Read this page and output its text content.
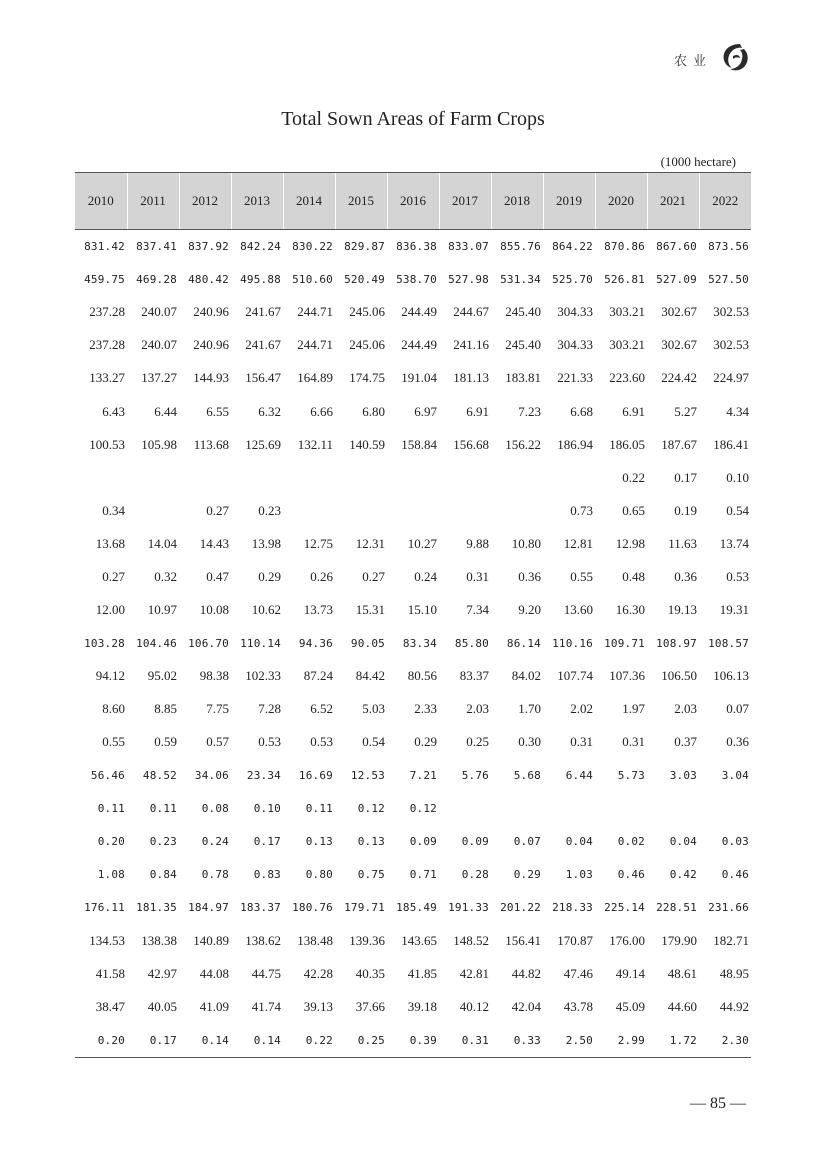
农业
Total Sown Areas of Farm Crops
(1000 hectare)
2010	2011	2012	2013	2014	2015	2016	2017	2018	2019	2020	2021	2022
831.42	837.41	837.92	842.24	830.22	829.87	836.38	833.07	855.76	864.22	870.86	867.60	873.56
459.75	469.28	480.42	495.88	510.60	520.49	538.70	527.98	531.34	525.70	526.81	527.09	527.50
237.28	240.07	240.96	241.67	244.71	245.06	244.49	244.67	245.40	304.33	303.21	302.67	302.53
237.28	240.07	240.96	241.67	244.71	245.06	244.49	241.16	245.40	304.33	303.21	302.67	302.53
133.27	137.27	144.93	156.47	164.89	174.75	191.04	181.13	183.81	221.33	223.60	224.42	224.97
6.43	6.44	6.55	6.32	6.66	6.80	6.97	6.91	7.23	6.68	6.91	5.27	4.34
100.53	105.98	113.68	125.69	132.11	140.59	158.84	156.68	156.22	186.94	186.05	187.67	186.41
										0.22	0.17	0.10
0.34		0.27	0.23						0.73	0.65	0.19	0.54
13.68	14.04	14.43	13.98	12.75	12.31	10.27	9.88	10.80	12.81	12.98	11.63	13.74
0.27	0.32	0.47	0.29	0.26	0.27	0.24	0.31	0.36	0.55	0.48	0.36	0.53
12.00	10.97	10.08	10.62	13.73	15.31	15.10	7.34	9.20	13.60	16.30	19.13	19.31
103.28	104.46	106.70	110.14	94.36	90.05	83.34	85.80	86.14	110.16	109.71	108.97	108.57
94.12	95.02	98.38	102.33	87.24	84.42	80.56	83.37	84.02	107.74	107.36	106.50	106.13
8.60	8.85	7.75	7.28	6.52	5.03	2.33	2.03	1.70	2.02	1.97	2.03	0.07
0.55	0.59	0.57	0.53	0.53	0.54	0.29	0.25	0.30	0.31	0.31	0.37	0.36
56.46	48.52	34.06	23.34	16.69	12.53	7.21	5.76	5.68	6.44	5.73	3.03	3.04
0.11	0.11	0.08	0.10	0.11	0.12	0.12						
0.20	0.23	0.24	0.17	0.13	0.13	0.09	0.09	0.07	0.04	0.02	0.04	0.03
1.08	0.84	0.78	0.83	0.80	0.75	0.71	0.28	0.29	1.03	0.46	0.42	0.46
176.11	181.35	184.97	183.37	180.76	179.71	185.49	191.33	201.22	218.33	225.14	228.51	231.66
134.53	138.38	140.89	138.62	138.48	139.36	143.65	148.52	156.41	170.87	176.00	179.90	182.71
41.58	42.97	44.08	44.75	42.28	40.35	41.85	42.81	44.82	47.46	49.14	48.61	48.95
38.47	40.05	41.09	41.74	39.13	37.66	39.18	40.12	42.04	43.78	45.09	44.60	44.92
0.20	0.17	0.14	0.14	0.22	0.25	0.39	0.31	0.33	2.50	2.99	1.72	2.30
— 85 —
